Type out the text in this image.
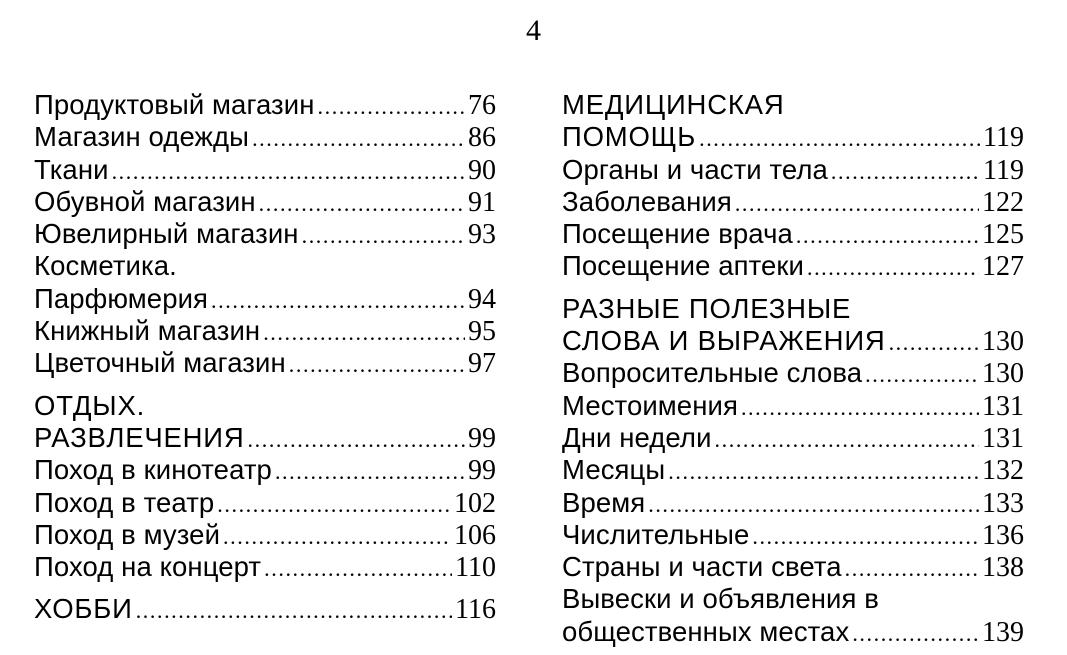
4
Продуктовый магазин .....	76
Магазин одежды .....	86
Ткани .....	90
Обувной магазин .....	91
Ювелирный магазин .....	93
Косметика.
Парфюмерия .....	94
Книжный магазин .....	95
Цветочный магазин .....	97
ОТДЫХ.
РАЗВЛЕЧЕНИЯ .....	99
Поход в кинотеатр .....	99
Поход в театр .....	102
Поход в музей .....	106
Поход на концерт .....	110
ХОББИ .....	116
МЕДИЦИНСКАЯ
ПОМОЩЬ .....	119
Органы и части тела .....	119
Заболевания .....	122
Посещение врача .....	125
Посещение аптеки .....	127
РАЗНЫЕ ПОЛЕЗНЫЕ
СЛОВА И ВЫРАЖЕНИЯ .....	130
Вопросительные слова .....	130
Местоимения .....	131
Дни недели .....	131
Месяцы .....	132
Время .....	133
Числительные .....	136
Страны и части света .....	138
Вывески и объявления в
общественных местах .....	139
